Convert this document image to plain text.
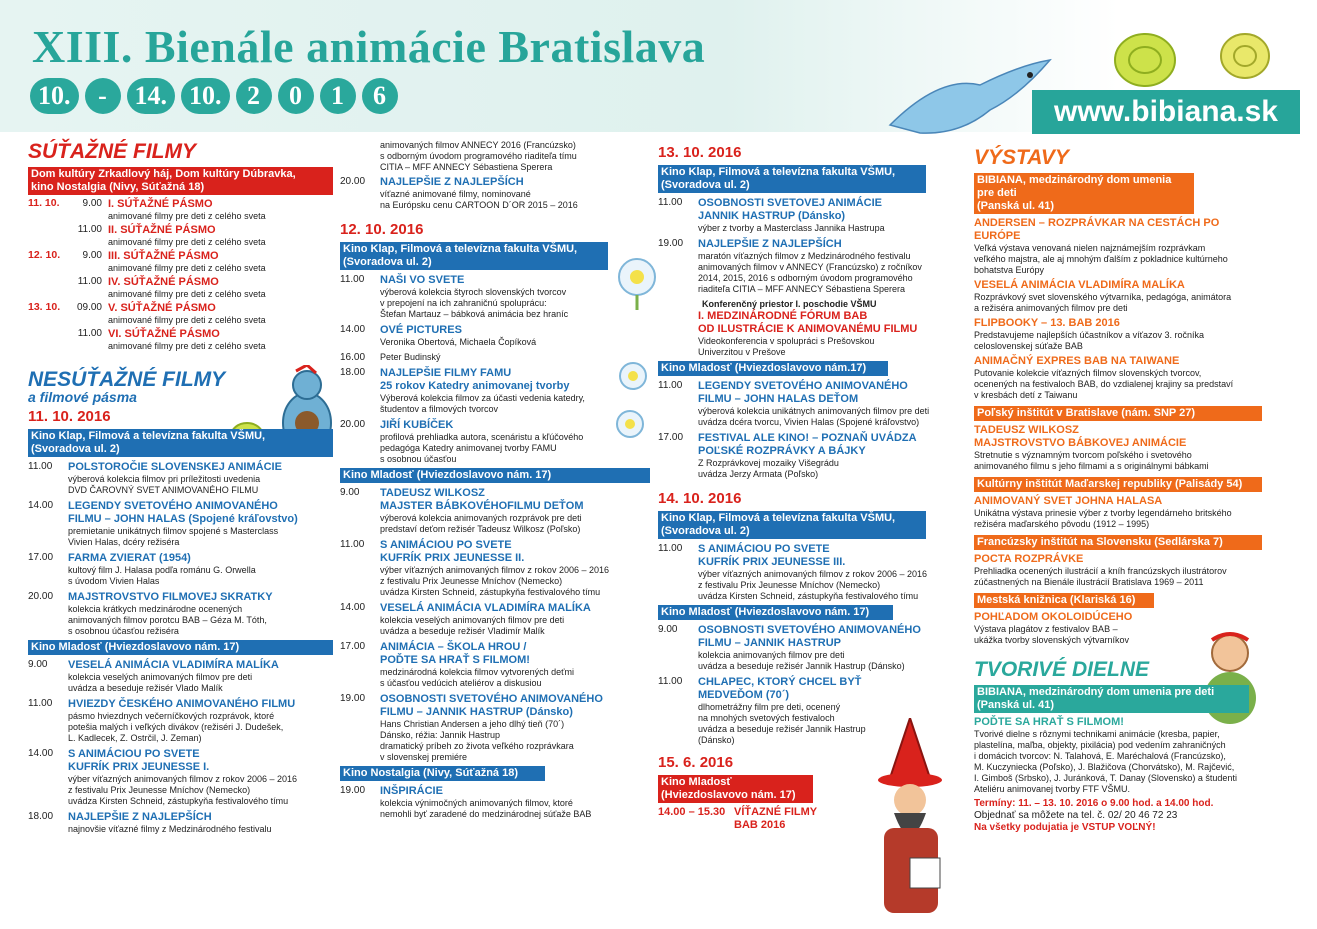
XIII. Bienále animácie Bratislava
10.	-	14. 10. 2	0	1	6	www.bibiana.sk
SÚŤAŽNÉ FILMY
Dom kultúry Zrkadlový háj, Dom kultúry Dúbravka,
kino Nostalgia (Nivy, Súťažná 18)
11. 10.	9.00 I. SÚŤAŽNÉ PÁSMO
animované filmy pre deti z celého sveta
11.00 II. SÚŤAŽNÉ PÁSMO
animované filmy pre deti z celého sveta
12. 10.	9.00 III. SÚŤAŽNÉ PÁSMO
animované filmy pre deti z celého sveta
11.00 IV. SÚŤAŽNÉ PÁSMO
animované filmy pre deti z celého sveta
13. 10.	09.00 V. SÚŤAŽNÉ PÁSMO
animované filmy pre deti z celého sveta
11.00 VI. SÚŤAŽNÉ PÁSMO
animované filmy pre deti z celého sveta
NESÚŤAŽNÉ FILMY
a filmové pásma
11. 10. 2016
Kino Klap, Filmová a televízna fakulta VŠMU,
(Svoradova ul. 2)
11.00	POLSTOROČIE SLOVENSKEJ ANIMÁCIE
výberová kolekcia filmov pri príležitosti uvedenia
DVD ČAROVNÝ SVET ANIMOVANÉHO FILMU
14.00	LEGENDY SVETOVÉHO ANIMOVANÉHO
FILMU – JOHN HALAS (Spojené kráľovstvo)
premietanie unikátnych filmov spojené s Masterclass
Vivien Halas, dcéry režiséra
17.00	FARMA ZVIERAT (1954)
kultový film J. Halasa podľa románu G. Orwella
s úvodom Vivien Halas
20.00	MAJSTROVSTVO FILMOVEJ SKRATKY
kolekcia krátkych medzinárodne ocenených
animovaných filmov porotcu BAB – Géza M. Tóth,
s osobnou účasťou režiséra
Kino Mladosť (Hviezdoslavovo nám. 17)
9.00	VESELÁ ANIMÁCIA VLADIMÍRA MALÍKA
kolekcia veselých animovaných filmov pre deti
uvádza a beseduje režisér Vlado Malík
11.00	HVIEZDY ČESKÉHO ANIMOVANÉHO FILMU
pásmo hviezdnych večerníčkových rozprávok, ktoré
potešia malých i veľkých divákov (režiséri J. Dudešek,
L. Kadlecek, Z. Ostrčil, J. Zeman)
14.00	S ANIMÁCIOU PO SVETE
KUFRÍK PRIX JEUNESSE I.
výber víťazných animovaných filmov z rokov 2006 – 2016
z festivalu Prix Jeunesse Mníchov (Nemecko)
uvádza Kirsten Schneid, zástupkyňa festivalového tímu
18.00	NAJLEPŠIE Z NAJLEPŠÍCH
najnovšie víťazné filmy z Medzinárodného festivalu
animovaných filmov ANNECY 2016 (Francúzsko)
s odborným úvodom programového riaditeľa tímu
CITIA – MFF ANNECY Sébastiena Sperera
20.00	NAJLEPŠIE Z NAJLEPŠÍCH
víťazné animované filmy, nominované
na Európsku cenu CARTOON D´OR 2015 – 2016
12. 10. 2016
Kino Klap, Filmová a televízna fakulta VŠMU,
(Svoradova ul. 2)
11.00	NAŠI VO SVETE
výberová kolekcia štyroch slovenských tvorcov
v prepojení na ich zahraničnú spoluprácu:
Štefan Martauz – bábková animácia bez hraníc
14.00	OVÉ PICTURES
Veronika Obertová, Michaela Čopíková
16.00	Peter Budinský
18.00	NAJLEPŠIE FILMY FAMU
25 rokov Katedry animovanej tvorby
Výberová kolekcia filmov za účasti vedenia katedry,
študentov a filmových tvorcov
20.00	JIŘÍ KUBÍČEK
profilová prehliadka autora, scenáristu a kľúčového
pedagóga Katedry animovanej tvorby FAMU
s osobnou účasťou
Kino Mladosť (Hviezdoslavovo nám. 17)
9.00	TADEUSZ WILKOSZ
MAJSTER BÁBKOVÉHOFILMU DEŤOM
výberová kolekcia animovaných rozprávok pre deti
predstaví deťom režisér Tadeusz Wilkosz (Poľsko)
11.00	S ANIMÁCIOU PO SVETE
KUFRÍK PRIX JEUNESSE II.
výber víťazných animovaných filmov z rokov 2006 – 2016
z festivalu Prix Jeunesse Mníchov (Nemecko)
uvádza Kirsten Schneid, zástupkyňa festivalového tímu
14.00	VESELÁ ANIMÁCIA VLADIMÍRA MALÍKA
kolekcia veselých animovaných filmov pre deti
uvádza a beseduje režisér Vladimír Malík
17.00	ANIMÁCIA – ŠKOLA HROU /
POĎTE SA HRAŤ S FILMOM!
medzinárodná kolekcia filmov vytvorených deťmi
s účasťou vedúcich ateliérov a diskusiou
19.00	OSOBNOSTI SVETOVÉHO ANIMOVANÉHO
FILMU – JANNIK HASTRUP (Dánsko)
Hans Christian Andersen a jeho dlhý tieň (70´)
Dánsko, réžia: Jannik Hastrup
dramatický príbeh zo života veľkého rozprávkara
v slovenskej premiére
Kino Nostalgia (Nivy, Súťažná 18)
19.00	INŠPIRÁCIE
kolekcia výnimočných animovaných filmov, ktoré
nemohli byť zaradené do medzinárodnej súťaže BAB
13. 10. 2016
Kino Klap, Filmová a televízna fakulta VŠMU,
(Svoradova ul. 2)
11.00	OSOBNOSTI SVETOVEJ ANIMÁCIE
JANNIK HASTRUP (Dánsko)
výber z tvorby a Masterclass Jannika Hastrupa
19.00	NAJLEPŠIE Z NAJLEPŠÍCH
maratón víťazných filmov z Medzinárodného festivalu
animovaných filmov v ANNECY (Francúzsko) z ročníkov
2014, 2015, 2016 s odborným úvodom programového
riaditeľa CITIA – MFF ANNECY Sébastiena Sperera
Konferenčný priestor I. poschodie VŠMU
I. MEDZINÁRODNÉ FÓRUM BAB
OD ILUSTRÁCIE K ANIMOVANÉMU FILMU
Videokonferencia v spolupráci s Prešovskou
Univerzitou v Prešove
Kino Mladosť (Hviezdoslavovo nám.17)
11.00	LEGENDY SVETOVÉHO ANIMOVANÉHO
FILMU – JOHN HALAS DEŤOM
výberová kolekcia unikátnych animovaných filmov pre deti
uvádza dcéra tvorcu, Vivien Halas (Spojené kráľovstvo)
17.00	FESTIVAL ALE KINO! – POZNAŇ UVÁDZA
POĽSKÉ ROZPRÁVKY A BÁJKY
Z Rozprávkovej mozaiky Višegrádu
uvádza Jerzy Armata (Poľsko)
14. 10. 2016
Kino Klap, Filmová a televízna fakulta VŠMU,
(Svoradova ul. 2)
11.00	S ANIMÁCIOU PO SVETE
KUFRÍK PRIX JEUNESSE III.
výber víťazných animovaných filmov z rokov 2006 – 2016
z festivalu Prix Jeunesse Mníchov (Nemecko)
uvádza Kirsten Schneid, zástupkyňa festivalového tímu
Kino Mladosť (Hviezdoslavovo nám. 17)
9.00	OSOBNOSTI SVETOVÉHO ANIMOVANÉHO
FILMU – JANNIK HASTRUP
kolekcia animovaných filmov pre deti
uvádza a beseduje režisér Jannik Hastrup (Dánsko)
11.00	CHLAPEC, KTORÝ CHCEL BYŤ
MEDVEĎOM (70´)
dlhometrážny film pre deti, ocenený
na mnohých svetových festivaloch
uvádza a beseduje režisér Jannik Hastrup
(Dánsko)
15. 6. 2016
Kino Mladosť
(Hviezdoslavovo nám. 17)
14.00 – 15.30 VÍŤAZNÉ FILMY
BAB 2016
VÝSTAVY
BIBIANA, medzinárodný dom umenia pre deti
(Panská ul. 41)
ANDERSEN – ROZPRÁVKAR NA CESTÁCH PO EURÓPE
Veľká výstava venovaná nielen najznámejším rozprávkam
veľkého majstra, ale aj mnohým ďalším z pokladnice kultúrneho
bohatstva Európy
VESELÁ ANIMÁCIA VLADIMÍRA MALÍKA
Rozprávkový svet slovenského výtvarníka, pedagóga, animátora
a režiséra animovaných filmov pre deti
FLIPBOOKY – 13. BAB 2016
Predstavujeme najlepších účastníkov a víťazov 3. ročníka
celoslovenskej súťaže BAB
ANIMAČNÝ EXPRES BAB NA TAIWANE
Putovanie kolekcie víťazných filmov slovenských tvorcov,
ocenených na festivaloch BAB, do vzdialenej krajiny sa predstaví
v kresbách detí z Taiwanu
Poľský inštitút v Bratislave (nám. SNP 27)
TADEUSZ WILKOSZ
MAJSTROVSTVO BÁBKOVEJ ANIMÁCIE
Stretnutie s významným tvorcom poľského i svetového
animovaného filmu s jeho filmami a s originálnymi bábkami
Kultúrny inštitút Maďarskej republiky (Palisády 54)
ANIMOVANÝ SVET JOHNA HALASA
Unikátna výstava prinesie výber z tvorby legendárneho britského
režiséra maďarského pôvodu (1912 – 1995)
Francúzsky inštitút na Slovensku (Sedlárska 7)
POCTA ROZPRÁVKE
Prehliadka ocenených ilustrácií a kníh francúzskych ilustrátorov
zúčastnených na Bienále ilustrácií Bratislava 1969 – 2011
Mestská knižnica (Klariská 16)
POHĽADOM OKOLOIDÚCEHO
Výstava plagátov z festivalov BAB –
ukážka tvorby slovenských výtvarníkov
TVORIVÉ DIELNE
BIBIANA, medzinárodný dom umenia pre deti
(Panská ul. 41)
POĎTE SA HRAŤ S FILMOM!
Tvorivé dielne s rôznymi technikami animácie (kresba, papier,
plastelína, maľba, objekty, pixilácia) pod vedením zahraničných
i domácich tvorcov: N. Talahová, E. Maréchalová (Francúzsko),
M. Kuczyniecka (Poľsko), J. Blažičova (Chorvátsko), M. Rajčević,
I. Gimboš (Srbsko), J. Juránková, T. Danay (Slovensko) a študenti
Ateliéru animovanej tvorby FTF VŠMU.
Termíny: 11. – 13. 10. 2016 o 9.00 hod. a 14.00 hod.
Objednať sa môžete na tel. č. 02/ 20 46 72 23
Na všetky podujatia je VSTUP VOĽNÝ!
